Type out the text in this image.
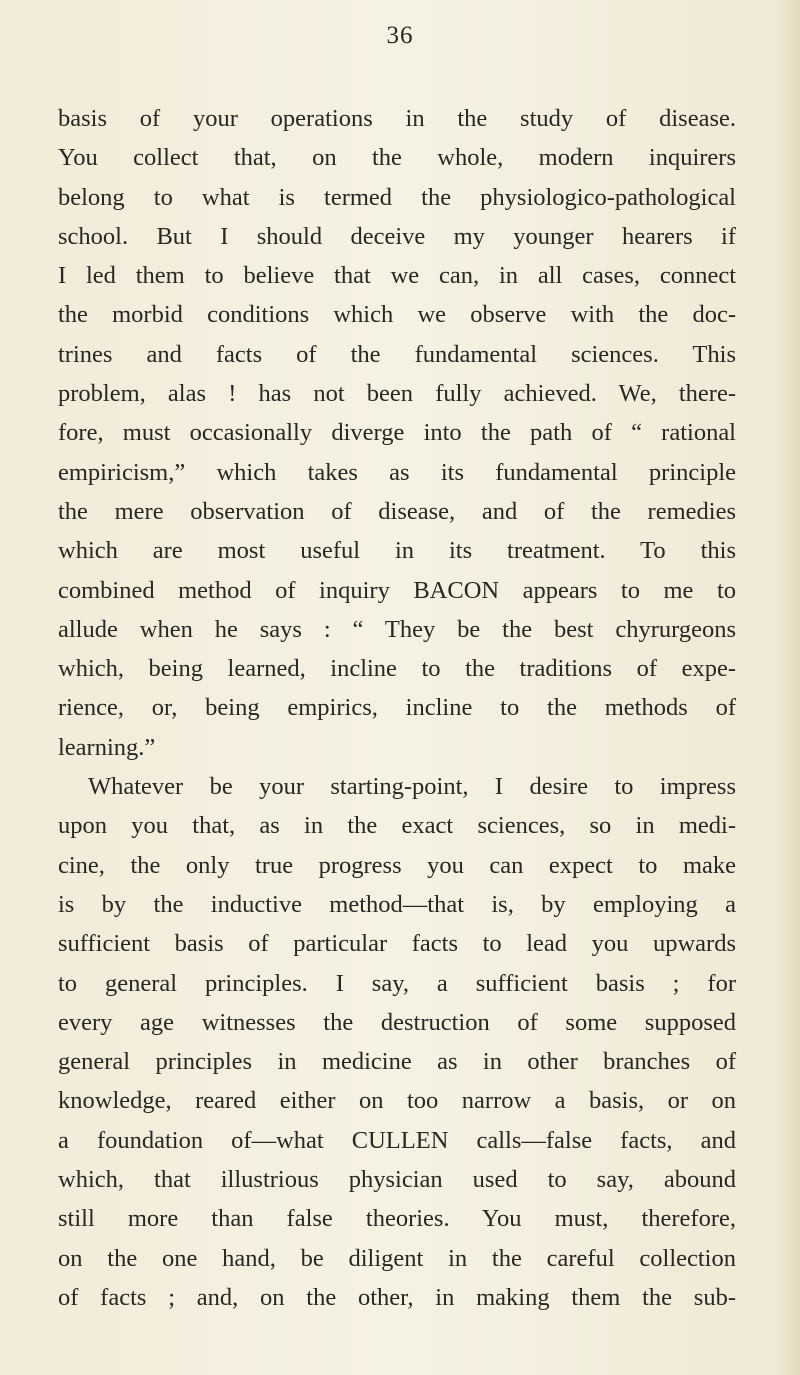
36
basis of your operations in the study of disease.
You collect that, on the whole, modern inquirers
belong to what is termed the physiologico-pathological
school. But I should deceive my younger hearers if
I led them to believe that we can, in all cases, connect
the morbid conditions which we observe with the doc-
trines and facts of the fundamental sciences. This
problem, alas ! has not been fully achieved. We, there-
fore, must occasionally diverge into the path of “ rational
empiricism,” which takes as its fundamental principle
the mere observation of disease, and of the remedies
which are most useful in its treatment. To this
combined method of inquiry BACON appears to me to
allude when he says : “ They be the best chyrurgeons
which, being learned, incline to the traditions of expe-
rience, or, being empirics, incline to the methods of
learning.”
Whatever be your starting-point, I desire to impress
upon you that, as in the exact sciences, so in medi-
cine, the only true progress you can expect to make
is by the inductive method—that is, by employing a
sufficient basis of particular facts to lead you upwards
to general principles. I say, a sufficient basis ; for
every age witnesses the destruction of some supposed
general principles in medicine as in other branches of
knowledge, reared either on too narrow a basis, or on
a foundation of—what CULLEN calls—false facts, and
which, that illustrious physician used to say, abound
still more than false theories. You must, therefore,
on the one hand, be diligent in the careful collection
of facts ; and, on the other, in making them the sub-
